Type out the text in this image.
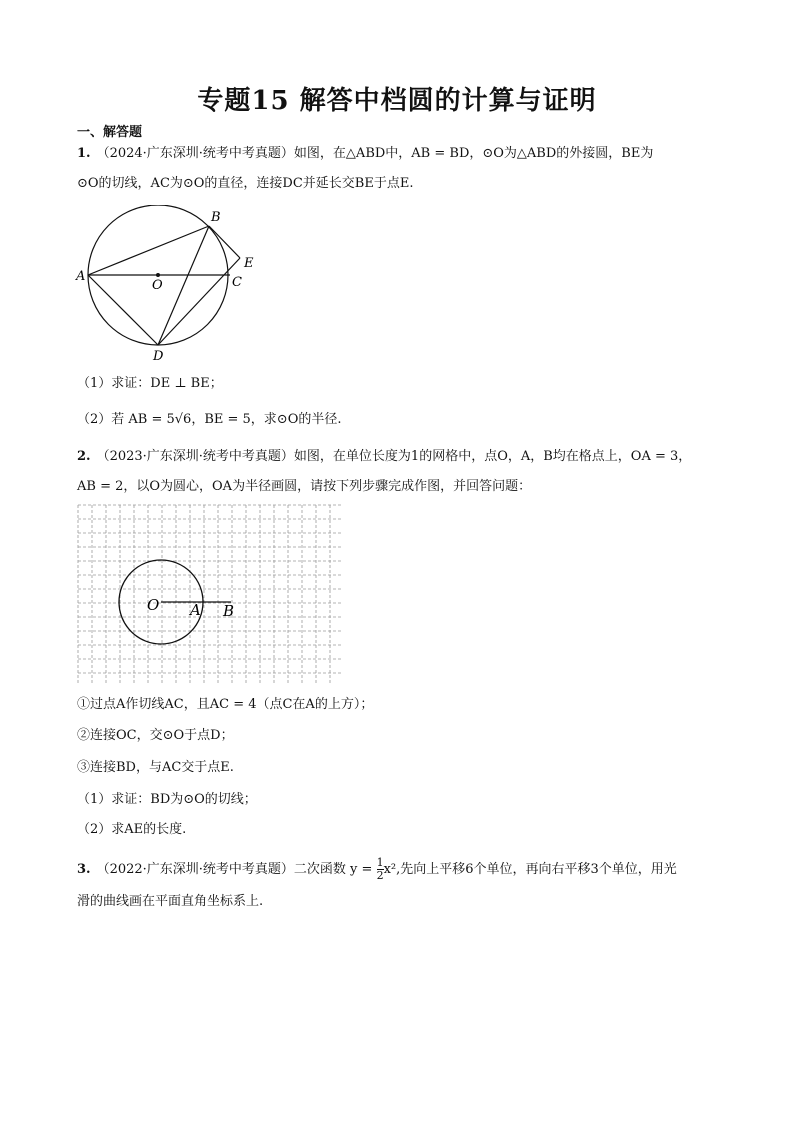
专题15 解答中档圆的计算与证明
一、解答题
1. （2024·广东深圳·统考中考真题）如图，在△ABD中，AB = BD，⊙O为△ABD的外接圆，BE为
⊙O的切线，AC为⊙O的直径，连接DC并延长交BE于点E.
A
B
C
D
E
O
（1）求证：DE ⊥ BE；
（2）若 AB = 5√6，BE = 5，求⊙O的半径.
2. （2023·广东深圳·统考中考真题）如图，在单位长度为1的网格中，点O，A，B均在格点上，OA = 3，
AB = 2，以O为圆心，OA为半径画圆，请按下列步骤完成作图，并回答问题：
O A B
①过点A作切线AC，且AC = 4（点C在A的上方）；
②连接OC，交⊙O于点D；
③连接BD，与AC交于点E.
（1）求证：BD为⊙O的切线；
（2）求AE的长度.
3. （2022·广东深圳·统考中考真题）二次函数 $y = \frac{1}{2} x^2$,先向上平移6个单位，再向右平移3个单位，用光
滑的曲线画在平面直角坐标系上.
